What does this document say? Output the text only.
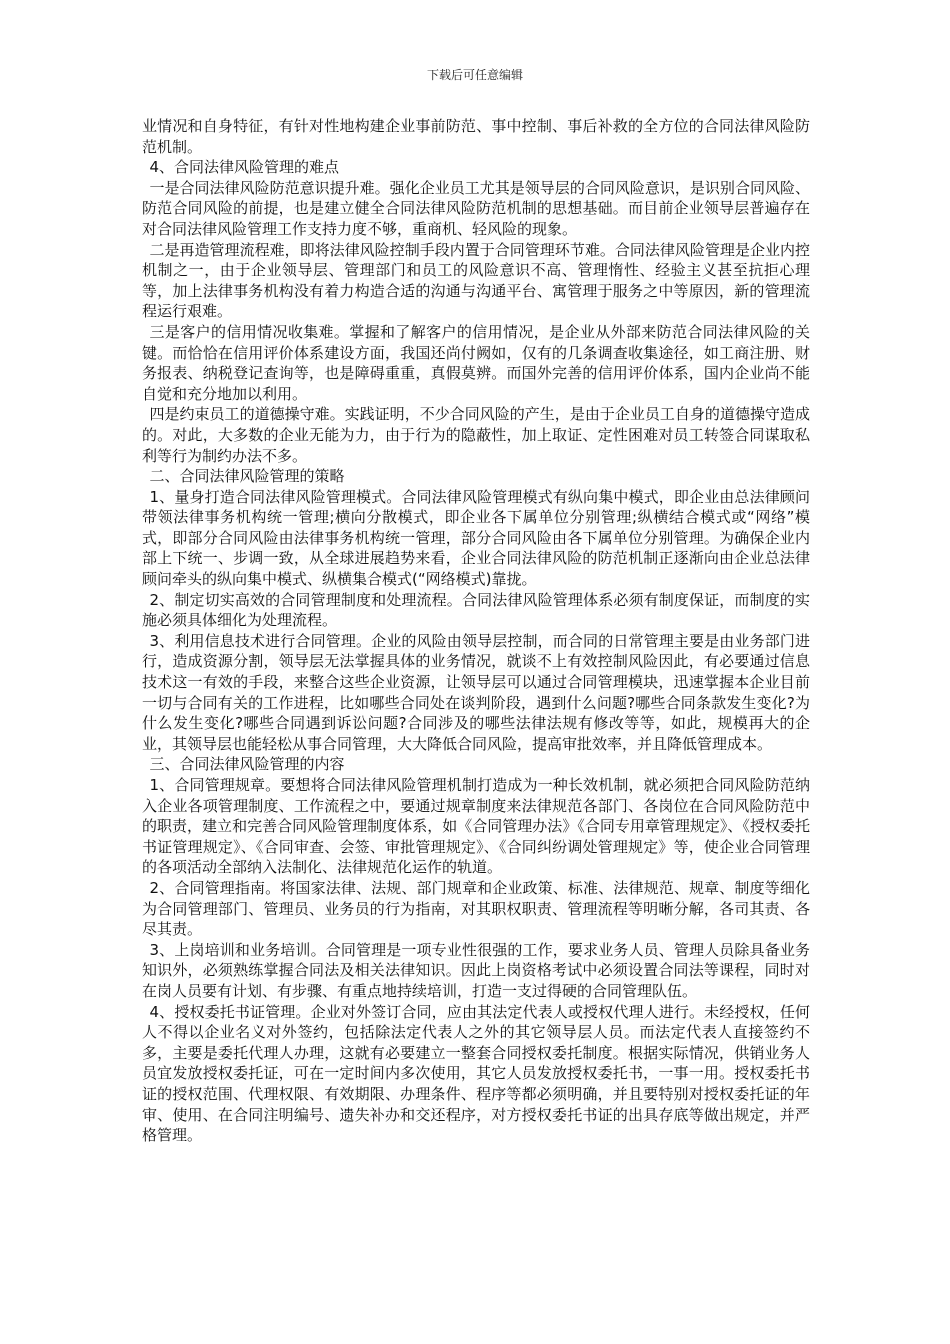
下载后可任意编辑

业情况和自身特征，有针对性地构建企业事前防范、事中控制、事后补救的全方位的合同法律风险防范机制。

4、合同法律风险管理的难点

一是合同法律风险防范意识提升难。强化企业员工尤其是领导层的合同风险意识，是识别合同风险、防范合同风险的前提，也是建立健全合同法律风险防范机制的思想基础。而目前企业领导层普遍存在对合同法律风险管理工作支持力度不够，重商机、轻风险的现象。

二是再造管理流程难，即将法律风险控制手段内置于合同管理环节难。合同法律风险管理是企业内控机制之一，由于企业领导层、管理部门和员工的风险意识不高、管理惰性、经验主义甚至抗拒心理等，加上法律事务机构没有着力构造合适的沟通与沟通平台、寓管理于服务之中等原因，新的管理流程运行艰难。

三是客户的信用情况收集难。掌握和了解客户的信用情况，是企业从外部来防范合同法律风险的关键。而恰恰在信用评价体系建设方面，我国还尚付阙如，仅有的几条调查收集途径，如工商注册、财务报表、纳税登记查询等，也是障碍重重，真假莫辨。而国外完善的信用评价体系，国内企业尚不能自觉和充分地加以利用。

四是约束员工的道德操守难。实践证明，不少合同风险的产生，是由于企业员工自身的道德操守造成的。对此，大多数的企业无能为力，由于行为的隐蔽性，加上取证、定性困难对员工转签合同谋取私利等行为制约办法不多。

二、合同法律风险管理的策略

1、量身打造合同法律风险管理模式。合同法律风险管理模式有纵向集中模式，即企业由总法律顾问带领法律事务机构统一管理;横向分散模式，即企业各下属单位分别管理;纵横结合模式或“网络”模式，即部分合同风险由法律事务机构统一管理，部分合同风险由各下属单位分别管理。为确保企业内部上下统一、步调一致，从全球进展趋势来看，企业合同法律风险的防范机制正逐渐向由企业总法律顾问牵头的纵向集中模式、纵横集合模式(“网络模式)靠拢。

2、制定切实高效的合同管理制度和处理流程。合同法律风险管理体系必须有制度保证，而制度的实施必须具体细化为处理流程。

3、利用信息技术进行合同管理。企业的风险由领导层控制，而合同的日常管理主要是由业务部门进行，造成资源分割，领导层无法掌握具体的业务情况，就谈不上有效控制风险因此，有必要通过信息技术这一有效的手段，来整合这些企业资源，让领导层可以通过合同管理模块，迅速掌握本企业目前一切与合同有关的工作进程，比如哪些合同处在谈判阶段，遇到什么问题?哪些合同条款发生变化?为什么发生变化?哪些合同遇到诉讼问题?合同涉及的哪些法律法规有修改等等，如此，规模再大的企业，其领导层也能轻松从事合同管理，大大降低合同风险，提高审批效率，并且降低管理成本。

三、合同法律风险管理的内容

1、合同管理规章。要想将合同法律风险管理机制打造成为一种长效机制，就必须把合同风险防范纳入企业各项管理制度、工作流程之中，要通过规章制度来法律规范各部门、各岗位在合同风险防范中的职责，建立和完善合同风险管理制度体系，如《合同管理办法》《合同专用章管理规定》、《授权委托书证管理规定》、《合同审查、会签、审批管理规定》、《合同纠纷调处管理规定》等，使企业合同管理的各项活动全部纳入法制化、法律规范化运作的轨道。

2、合同管理指南。将国家法律、法规、部门规章和企业政策、标准、法律规范、规章、制度等细化为合同管理部门、管理员、业务员的行为指南，对其职权职责、管理流程等明晰分解，各司其责、各尽其责。

3、上岗培训和业务培训。合同管理是一项专业性很强的工作，要求业务人员、管理人员除具备业务知识外，必须熟练掌握合同法及相关法律知识。因此上岗资格考试中必须设置合同法等课程，同时对在岗人员要有计划、有步骤、有重点地持续培训，打造一支过得硬的合同管理队伍。

4、授权委托书证管理。企业对外签订合同，应由其法定代表人或授权代理人进行。未经授权，任何人不得以企业名义对外签约，包括除法定代表人之外的其它领导层人员。而法定代表人直接签约不多，主要是委托代理人办理，这就有必要建立一整套合同授权委托制度。根据实际情况，供销业务人员宜发放授权委托证，可在一定时间内多次使用，其它人员发放授权委托书，一事一用。授权委托书证的授权范围、代理权限、有效期限、办理条件、程序等都必须明确，并且要特别对授权委托证的年审、使用、在合同注明编号、遗失补办和交还程序，对方授权委托书证的出具存底等做出规定，并严格管理。
